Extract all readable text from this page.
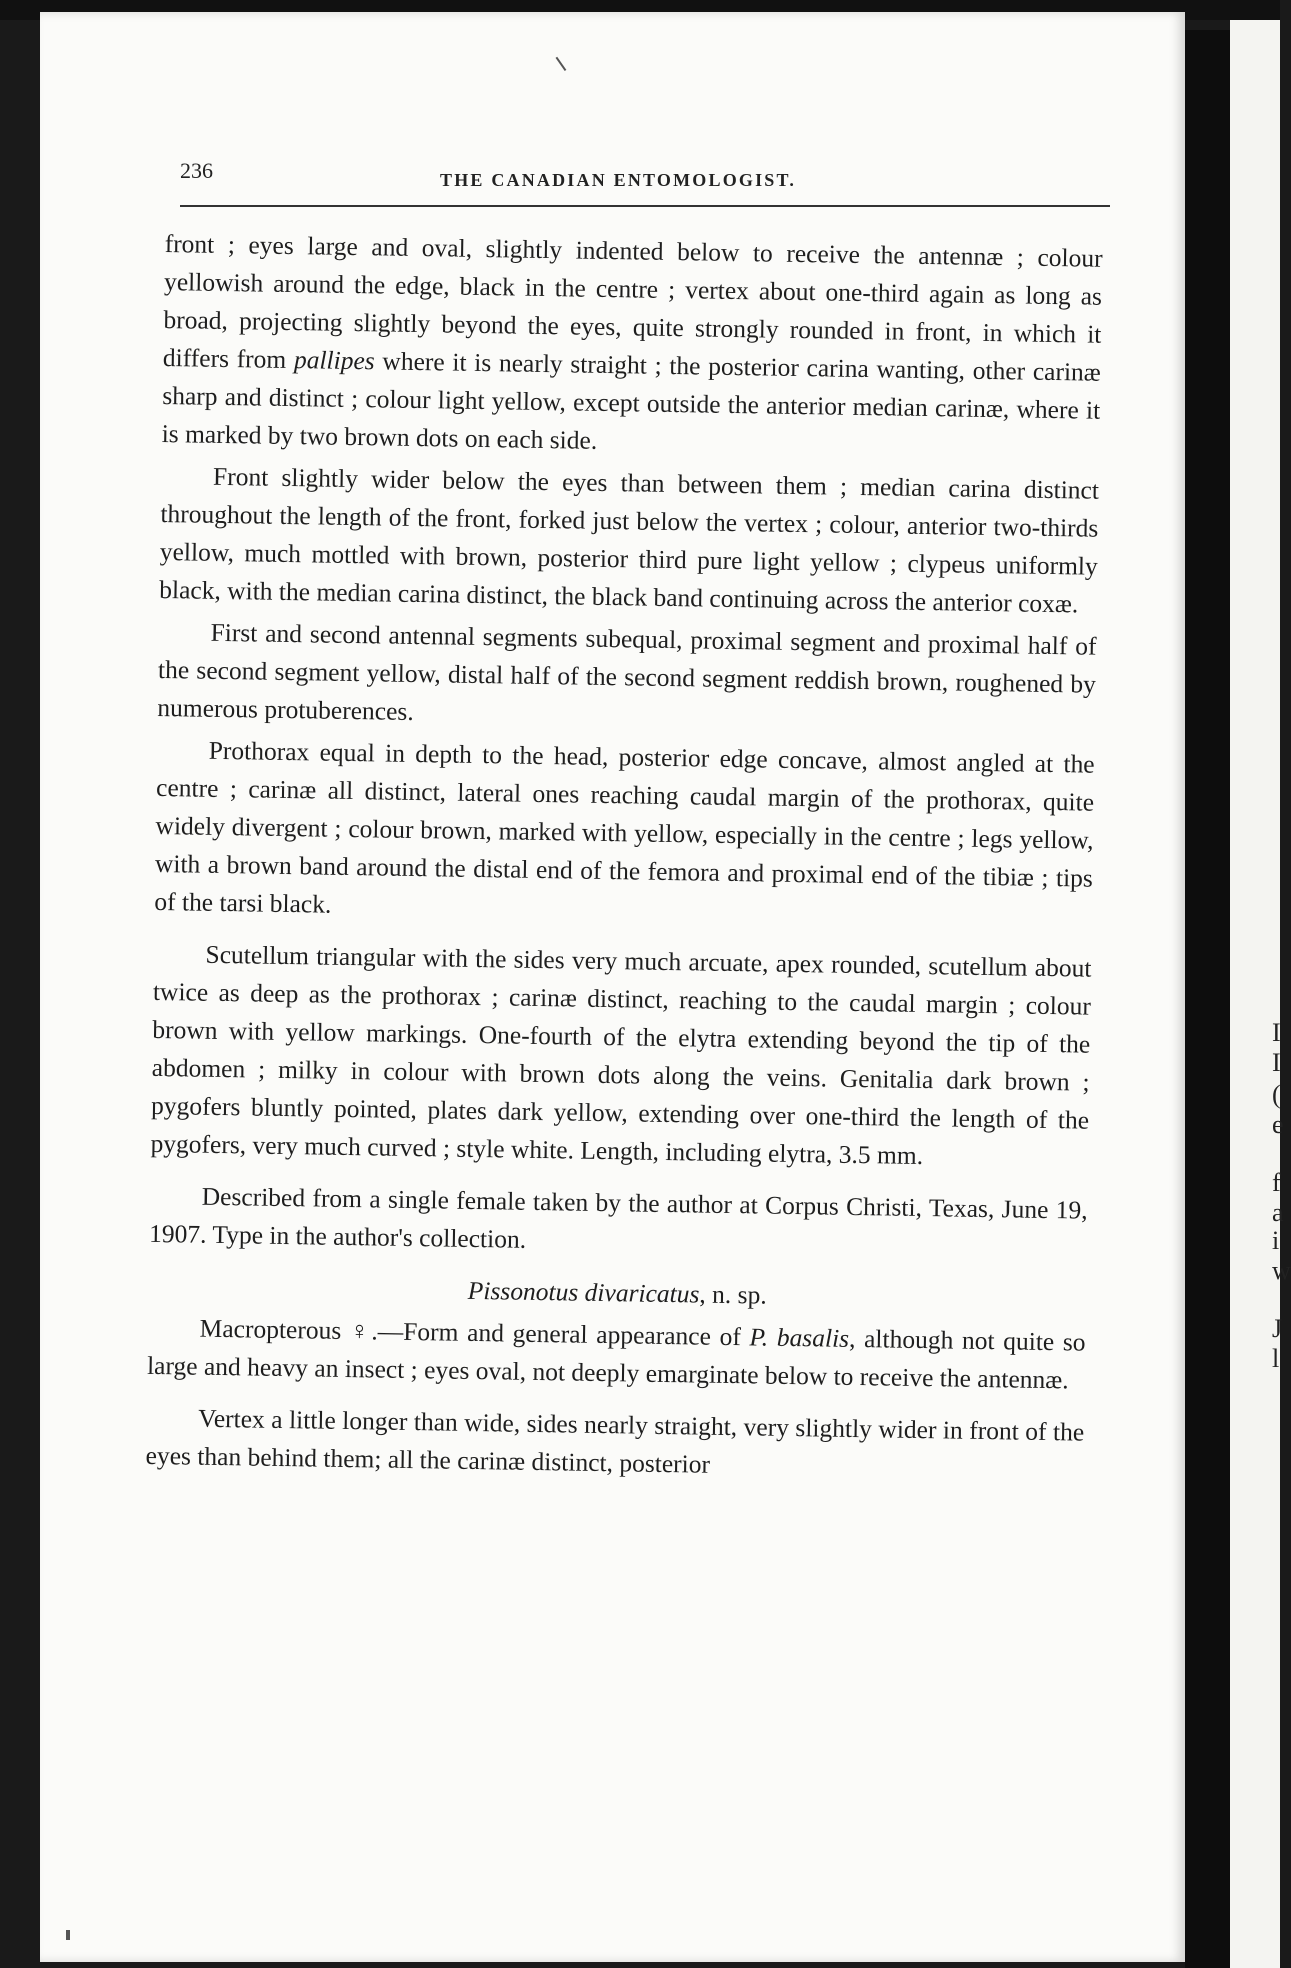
I
I
(
e
f
a
i
w
J
l
236	THE CANADIAN ENTOMOLOGIST.

front ; eyes large and oval, slightly indented below to receive the antennæ ; colour yellowish around the edge, black in the centre ; vertex about one-third again as long as broad, projecting slightly beyond the eyes, quite strongly rounded in front, in which it differs from pallipes where it is nearly straight ; the posterior carina wanting, other carinæ sharp and distinct ; colour light yellow, except outside the anterior median carinæ, where it is marked by two brown dots on each side.

Front slightly wider below the eyes than between them ; median carina distinct throughout the length of the front, forked just below the vertex ; colour, anterior two-thirds yellow, much mottled with brown, posterior third pure light yellow ; clypeus uniformly black, with the median carina distinct, the black band continuing across the anterior coxæ.

First and second antennal segments subequal, proximal segment and proximal half of the second segment yellow, distal half of the second segment reddish brown, roughened by numerous protuberences.

Prothorax equal in depth to the head, posterior edge concave, almost angled at the centre ; carinæ all distinct, lateral ones reaching caudal margin of the prothorax, quite widely divergent ; colour brown, marked with yellow, especially in the centre ; legs yellow, with a brown band around the distal end of the femora and proximal end of the tibiæ ; tips of the tarsi black.

Scutellum triangular with the sides very much arcuate, apex rounded, scutellum about twice as deep as the prothorax ; carinæ distinct, reaching to the caudal margin ; colour brown with yellow markings. One-fourth of the elytra extending beyond the tip of the abdomen ; milky in colour with brown dots along the veins. Genitalia dark brown ; pygofers bluntly pointed, plates dark yellow, extending over one-third the length of the pygofers, very much curved ; style white. Length, including elytra, 3.5 mm.

Described from a single female taken by the author at Corpus Christi, Texas, June 19, 1907. Type in the author's collection.

Pissonotus divaricatus, n. sp.

Macropterous ♀.—Form and general appearance of P. basalis, although not quite so large and heavy an insect ; eyes oval, not deeply emarginate below to receive the antennæ.

Vertex a little longer than wide, sides nearly straight, very slightly wider in front of the eyes than behind them; all the carinæ distinct, posterior
